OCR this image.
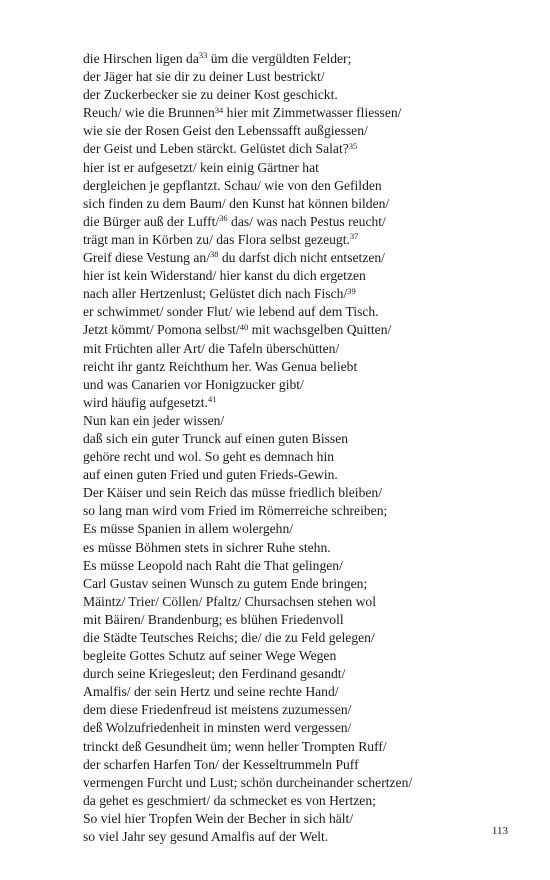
die Hirschen ligen $da^{33}$ üm die vergüldten Felder;
der Jäger hat sie dir zu deiner Lust bestrickt/
der Zuckerbecker sie zu deiner Kost geschickt.
Reuch/ wie die Brunnen$^{34}$ hier mit Zimmetwasser fliessen/
wie sie der Rosen Geist den Lebenssafft außgiessen/
der Geist und Leben stärckt. Gelüstet dich Salat?$^{35}$
hier ist er aufgesetzt/ kein einig Gärtner hat
dergleichen je gepflantzt. Schau/ wie von den Gefilden
sich finden zu dem Baum/ den Kunst hat können bilden/
die Bürger auß der Lufft/$^{36}$ das/ was nach Pestus reucht/
trägt man in Körben zu/ das Flora selbst gezeugt.$^{37}$
Greif diese Vestung an/$^{38}$ du darfst dich nicht entsetzen/
hier ist kein Widerstand/ hier kanst du dich ergetzen
nach aller Hertzenlust; Gelüstet dich nach Fisch/$^{39}$
er schwimmet/ sonder Flut/ wie lebend auf dem Tisch.
Jetzt kömmt/ Pomona selbst/$^{40}$ mit wachsgelben Quitten/
mit Früchten aller Art/ die Tafeln überschütten/
reicht ihr gantz Reichthum her. Was Genua beliebt
und was Canarien vor Honigzucker gibt/
wird häufig aufgesetzt.$^{41}$
Nun kan ein jeder wissen/
daß sich ein guter Trunck auf einen guten Bissen
gehöre recht und wol. So geht es demnach hin
auf einen guten Fried und guten Frieds-Gewin.
Der Käiser und sein Reich das müsse friedlich bleiben/
so lang man wird vom Fried im Römerreiche schreiben;
Es müsse Spanien in allem wolergehn/
es müsse Böhmen stets in sichrer Ruhe stehn.
Es müsse Leopold nach Raht die That gelingen/
Carl Gustav seinen Wunsch zu gutem Ende bringen;
Mäintz/ Trier/ Cöllen/ Pfaltz/ Chursachsen stehen wol
mit Bäiren/ Brandenburg; es blühen Friedenvoll
die Städte Teutsches Reichs; die/ die zu Feld gelegen/
begleite Gottes Schutz auf seiner Wege Wegen
durch seine Kriegesleut; den Ferdinand gesandt/
Amalfis/ der sein Hertz und seine rechte Hand/
dem diese Friedenfreud ist meistens zuzumessen/
deß Wolzufriedenheit in minsten werd vergessen/
trinckt deß Gesundheit üm; wenn heller Trompten Ruff/
der scharfen Harfen Ton/ der Kesseltrummeln Puff
vermengen Furcht und Lust; schön durcheinander schertzen/
da gehet es geschmiert/ da schmecket es von Hertzen;
So viel hier Tropfen Wein der Becher in sich hält/
so viel Jahr sey gesund Amalfis auf der Welt.	113
